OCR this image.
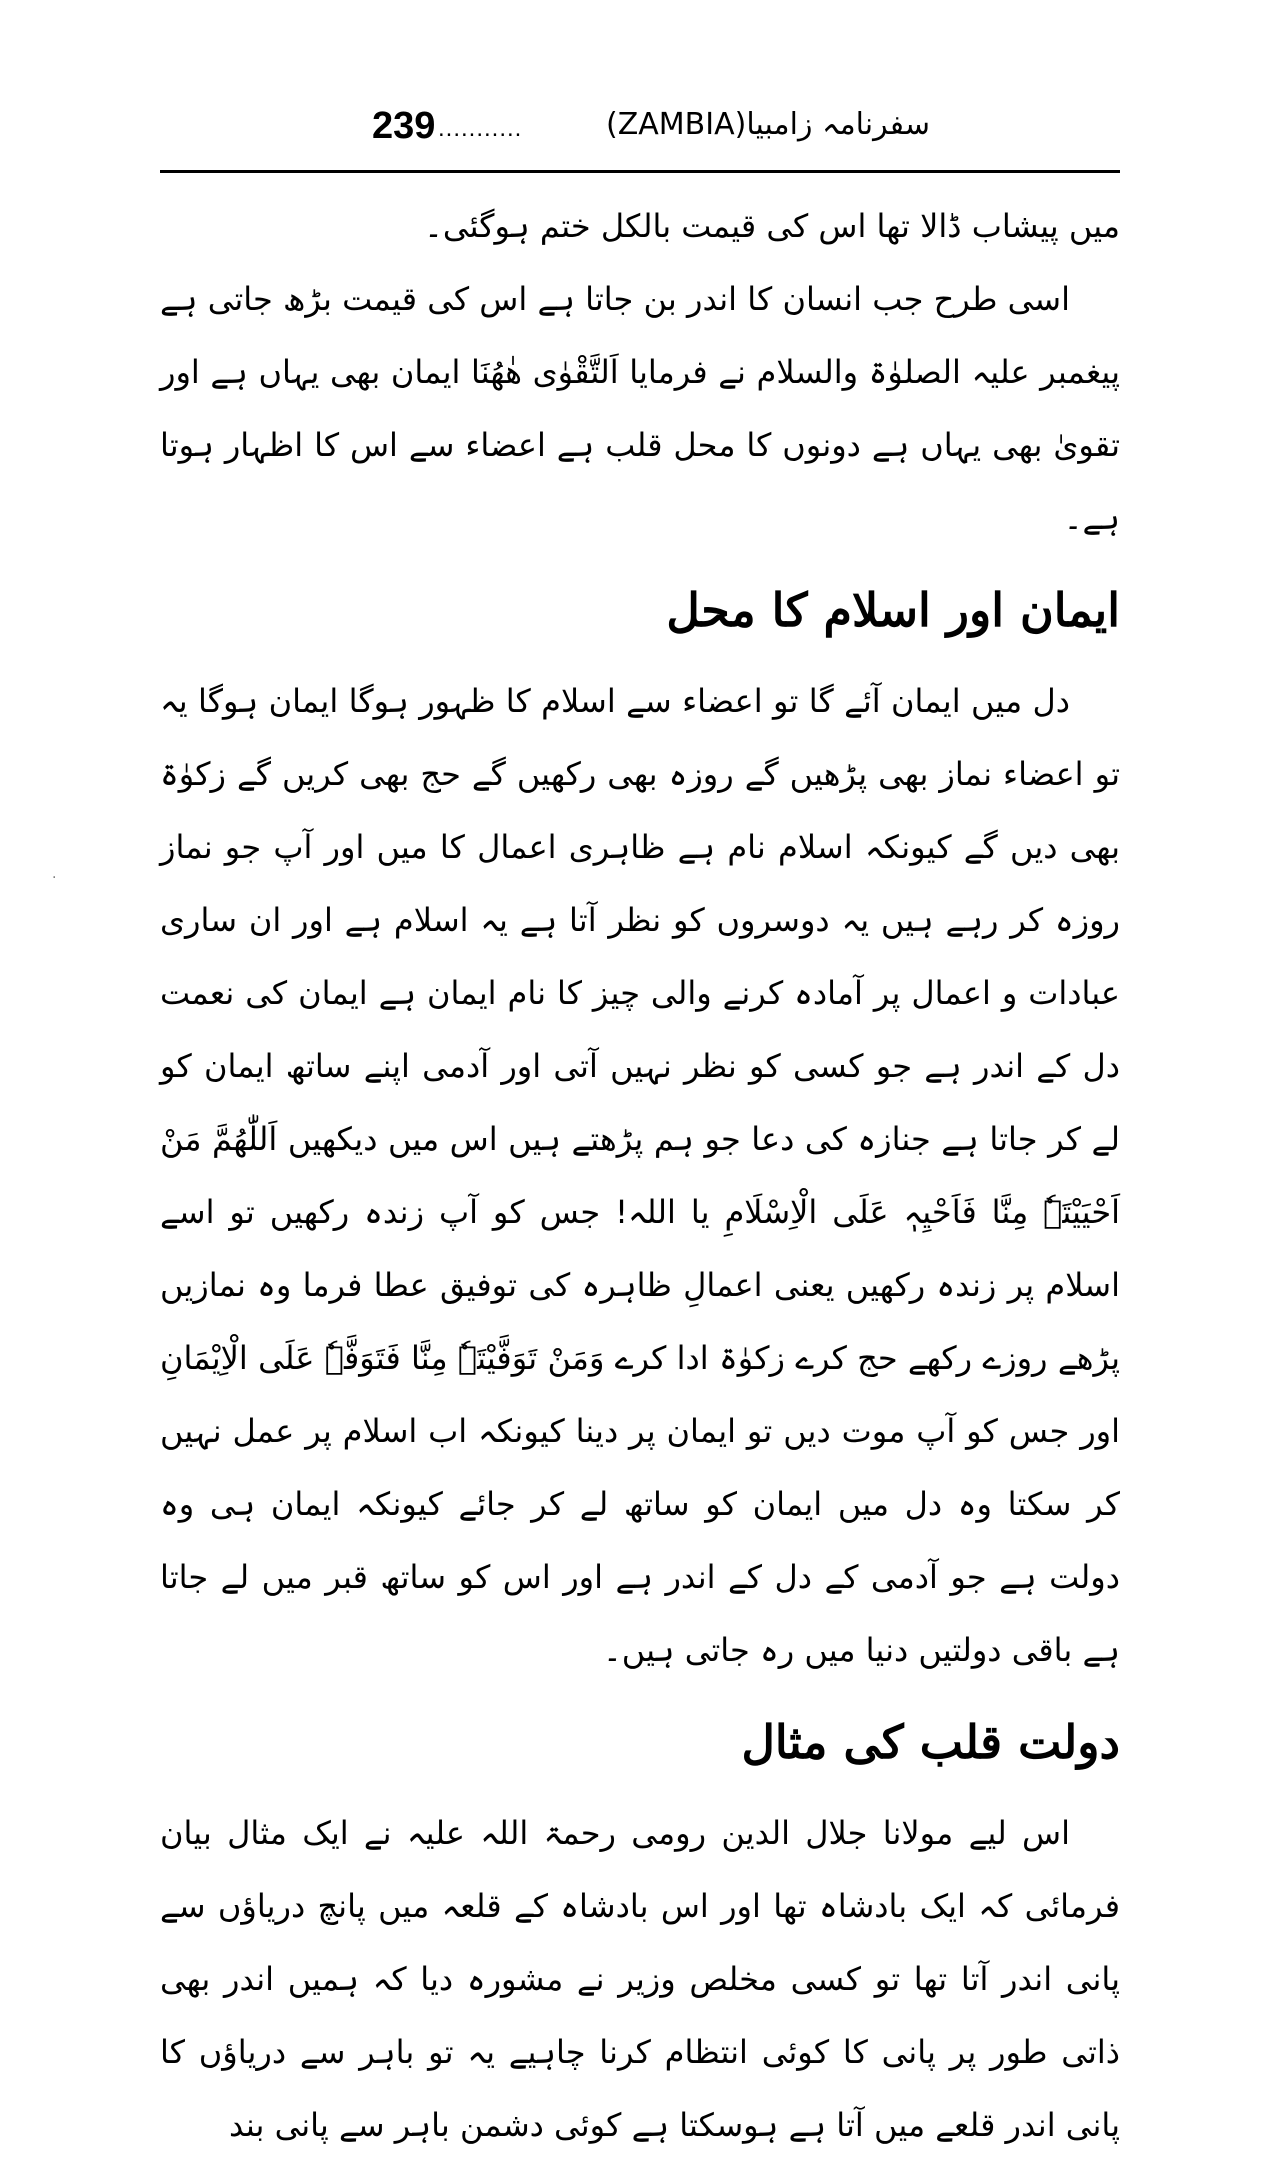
239 ...........	سفرنامہ زامبیا(ZAMBIA)

میں پیشاب ڈالا تھا اس کی قیمت بالکل ختم ہوگئی۔

اسی طرح جب انسان کا اندر بن جاتا ہے اس کی قیمت بڑھ جاتی ہے پیغمبر علیہ الصلوٰۃ والسلام نے فرمایا اَلتَّقْوٰی ھٰھُنَا ایمان بھی یہاں ہے اور تقویٰ بھی یہاں ہے دونوں کا محل قلب ہے اعضاء سے اس کا اظہار ہوتا ہے۔

ایمان اور اسلام کا محل

دل میں ایمان آئے گا تو اعضاء سے اسلام کا ظہور ہوگا ایمان ہوگا یہ تو اعضاء نماز بھی پڑھیں گے روزہ بھی رکھیں گے حج بھی کریں گے زکوٰۃ بھی دیں گے کیونکہ اسلام نام ہے ظاہری اعمال کا میں اور آپ جو نماز روزہ کر رہے ہیں یہ دوسروں کو نظر آتا ہے یہ اسلام ہے اور ان ساری عبادات و اعمال پر آمادہ کرنے والی چیز کا نام ایمان ہے ایمان کی نعمت دل کے اندر ہے جو کسی کو نظر نہیں آتی اور آدمی اپنے ساتھ ایمان کو لے کر جاتا ہے جنازہ کی دعا جو ہم پڑھتے ہیں اس میں دیکھیں اَللّٰھُمَّ مَنْ اَحْیَیْتَہٗ مِنَّا فَاَحْیِہٖ عَلَی الْاِسْلَامِ یا اللہ! جس کو آپ زندہ رکھیں تو اسے اسلام پر زندہ رکھیں یعنی اعمالِ ظاہرہ کی توفیق عطا فرما وہ نمازیں پڑھے روزے رکھے حج کرے زکوٰۃ ادا کرے وَمَنْ تَوَفَّیْتَہٗ مِنَّا فَتَوَفَّہٗ عَلَی الْاِیْمَانِ اور جس کو آپ موت دیں تو ایمان پر دینا کیونکہ اب اسلام پر عمل نہیں کر سکتا وہ دل میں ایمان کو ساتھ لے کر جائے کیونکہ ایمان ہی وہ دولت ہے جو آدمی کے دل کے اندر ہے اور اس کو ساتھ قبر میں لے جاتا ہے باقی دولتیں دنیا میں رہ جاتی ہیں۔

دولت قلب کی مثال

اس لیے مولانا جلال الدین رومی رحمۃ اللہ علیہ نے ایک مثال بیان فرمائی کہ ایک بادشاہ تھا اور اس بادشاہ کے قلعہ میں پانچ دریاؤں سے پانی اندر آتا تھا تو کسی مخلص وزیر نے مشورہ دیا کہ ہمیں اندر بھی ذاتی طور پر پانی کا کوئی انتظام کرنا چاہیے یہ تو باہر سے دریاؤں کا پانی اندر قلعے میں آتا ہے ہوسکتا ہے کوئی دشمن باہر سے پانی بند

·
